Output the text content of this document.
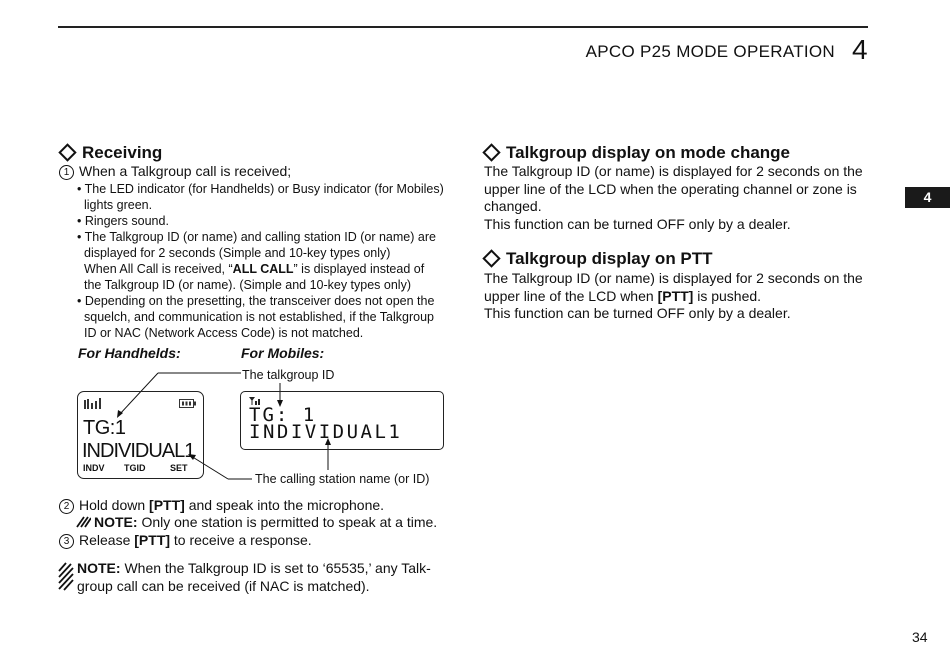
APCO P25 MODE OPERATION 4
4
Receiving
1 When a Talkgroup call is received;
• The LED indicator (for Handhelds) or Busy indicator (for Mobiles)
lights green.
• Ringers sound.
• The Talkgroup ID (or name) and calling station ID (or name) are
displayed for 2 seconds (Simple and 10-key types only)
When All Call is received, “ALL CALL” is displayed instead of
the Talkgroup ID (or name). (Simple and 10-key types only)
• Depending on the presetting, the transceiver does not open the
squelch, and communication is not established, if the Talkgroup
ID or NAC (Network Access Code) is not matched.
For Handhelds:	For Mobiles:
The talkgroup ID
The calling station name (or ID)
TG:1
INDIVIDUAL1
INDV TGID	SET
TG: 1
INDIVIDUAL1
2 Hold down [PTT] and speak into the microphone.
NOTE: Only one station is permitted to speak at a time.
3 Release [PTT] to receive a response.
NOTE: When the Talkgroup ID is set to ‘65535,’ any Talk-
group call can be received (if NAC is matched).
Talkgroup display on mode change
The Talkgroup ID (or name) is displayed for 2 seconds on the
upper line of the LCD when the operating channel or zone is
changed.
This function can be turned OFF only by a dealer.
Talkgroup display on PTT
The Talkgroup ID (or name) is displayed for 2 seconds on the
upper line of the LCD when [PTT] is pushed.
This function can be turned OFF only by a dealer.
34
